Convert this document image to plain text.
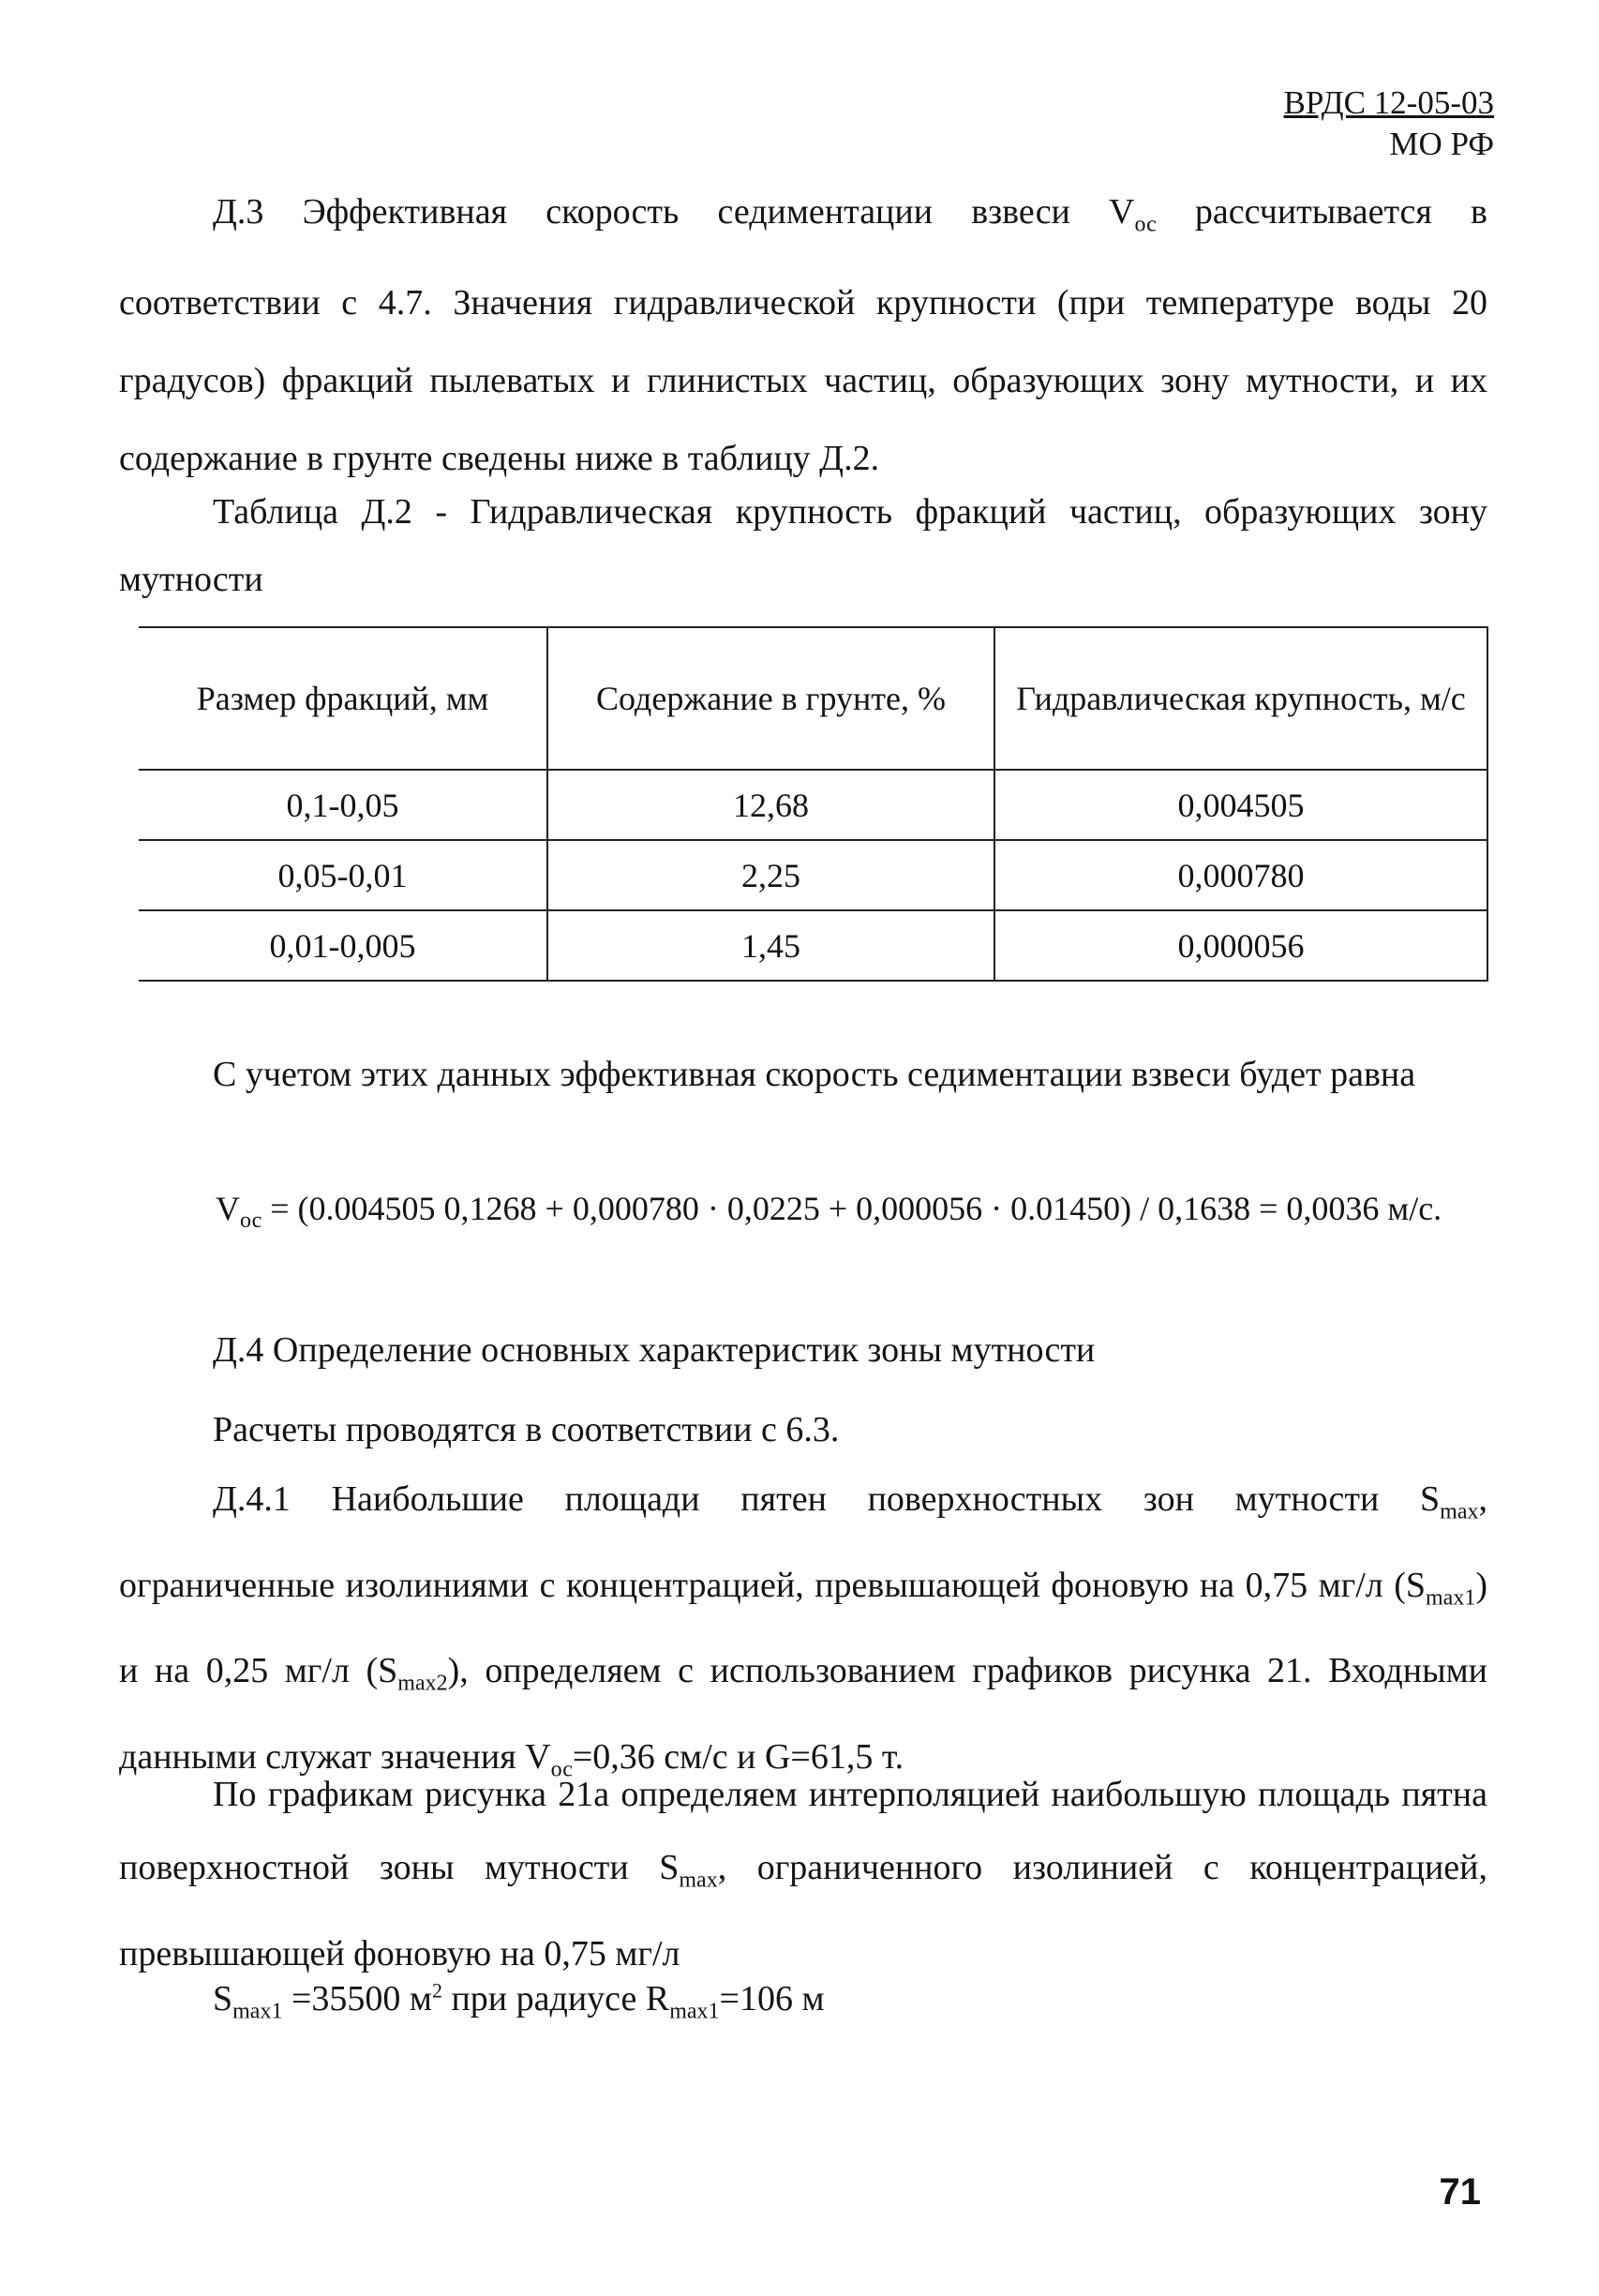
ВРДС 12-05-03
МО РФ
Д.3 Эффективная скорость седиментации взвеси $V_{ос}$ рассчитывается в соответствии с 4.7. Значения гидравлической крупности (при температуре воды 20 градусов) фракций пылеватых и глинистых частиц, образующих зону мутности, и их содержание в грунте сведены ниже в таблицу Д.2.
Таблица Д.2 - Гидравлическая крупность фракций частиц, образующих зону мутности
Размер фракций, мм	Содержание в грунте, %	Гидравлическая крупность, м/с
0,1-0,05	12,68	0,004505
0,05-0,01	2,25	0,000780
0,01-0,005	1,45	0,000056
С учетом этих данных эффективная скорость седиментации взвеси будет равна
$V_{ос} = (0.004505$ 0,1268 + 0,000780 · 0,0225 + 0,000056 · 0.01450) / 0,1638 = 0,0036 м/с.
Д.4 Определение основных характеристик зоны мутности
Расчеты проводятся в соответствии с 6.3.
Д.4.1 Наибольшие площади пятен поверхностных зон мутности $S_{max}$, ограниченные изолиниями с концентрацией, превышающей фоновую на 0,75 мг/л $(S_{max1})$ и на 0,25 мг/л $(S_{max2})$, определяем с использованием графиков рисунка 21. Входными данными служат значения $V_{ос}=0,36$ см/с и G=61,5 т.
По графикам рисунка 21а определяем интерполяцией наибольшую площадь пятна поверхностной зоны мутности $S_{max}$, ограниченного изолинией с концентрацией, превышающей фоновую на 0,75 мг/л
$S_{max1} =35500$ $м^2$ при радиусе $R_{max1}=106$ м
71
